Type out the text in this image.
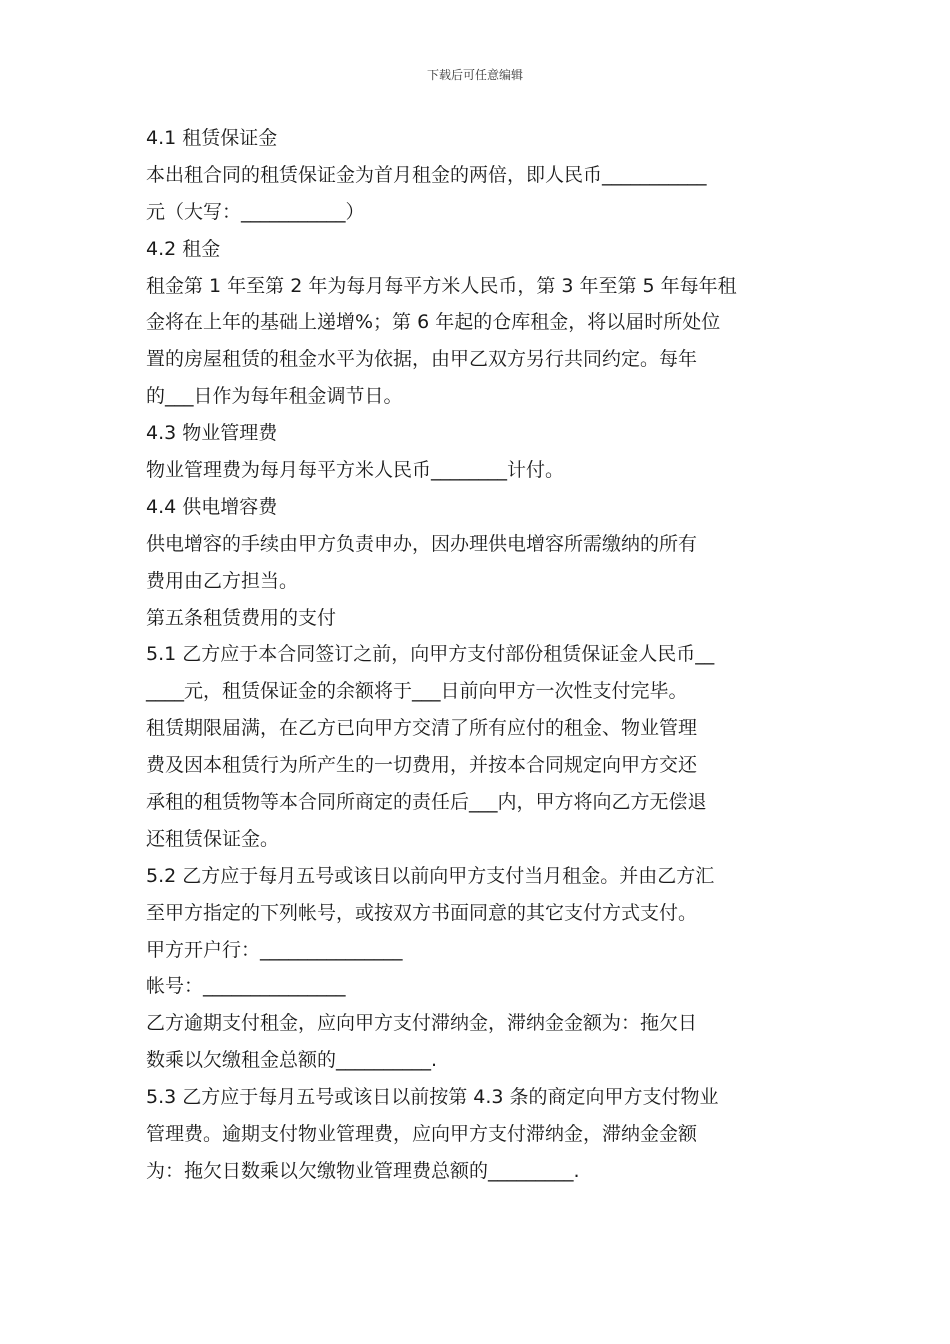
下载后可任意编辑
4.1 租赁保证金
本出租合同的租赁保证金为首月租金的两倍，即人民币___________
元（大写：___________）
4.2 租金
租金第 1 年至第 2 年为每月每平方米人民币，第 3 年至第 5 年每年租
金将在上年的基础上递增%；第 6 年起的仓库租金，将以届时所处位
置的房屋租赁的租金水平为依据，由甲乙双方另行共同约定。每年
的___日作为每年租金调节日。
4.3 物业管理费
物业管理费为每月每平方米人民币________计付。
4.4 供电增容费
供电增容的手续由甲方负责申办，因办理供电增容所需缴纳的所有
费用由乙方担当。
第五条租赁费用的支付
5.1 乙方应于本合同签订之前，向甲方支付部份租赁保证金人民币__
____元，租赁保证金的余额将于___日前向甲方一次性支付完毕。
租赁期限届满，在乙方已向甲方交清了所有应付的租金、物业管理
费及因本租赁行为所产生的一切费用，并按本合同规定向甲方交还
承租的租赁物等本合同所商定的责任后___内，甲方将向乙方无偿退
还租赁保证金。
5.2 乙方应于每月五号或该日以前向甲方支付当月租金。并由乙方汇
至甲方指定的下列帐号，或按双方书面同意的其它支付方式支付。
甲方开户行：_______________
帐号：_______________
乙方逾期支付租金，应向甲方支付滞纳金，滞纳金金额为：拖欠日
数乘以欠缴租金总额的__________.
5.3 乙方应于每月五号或该日以前按第 4.3 条的商定向甲方支付物业
管理费。逾期支付物业管理费，应向甲方支付滞纳金，滞纳金金额
为：拖欠日数乘以欠缴物业管理费总额的_________.
